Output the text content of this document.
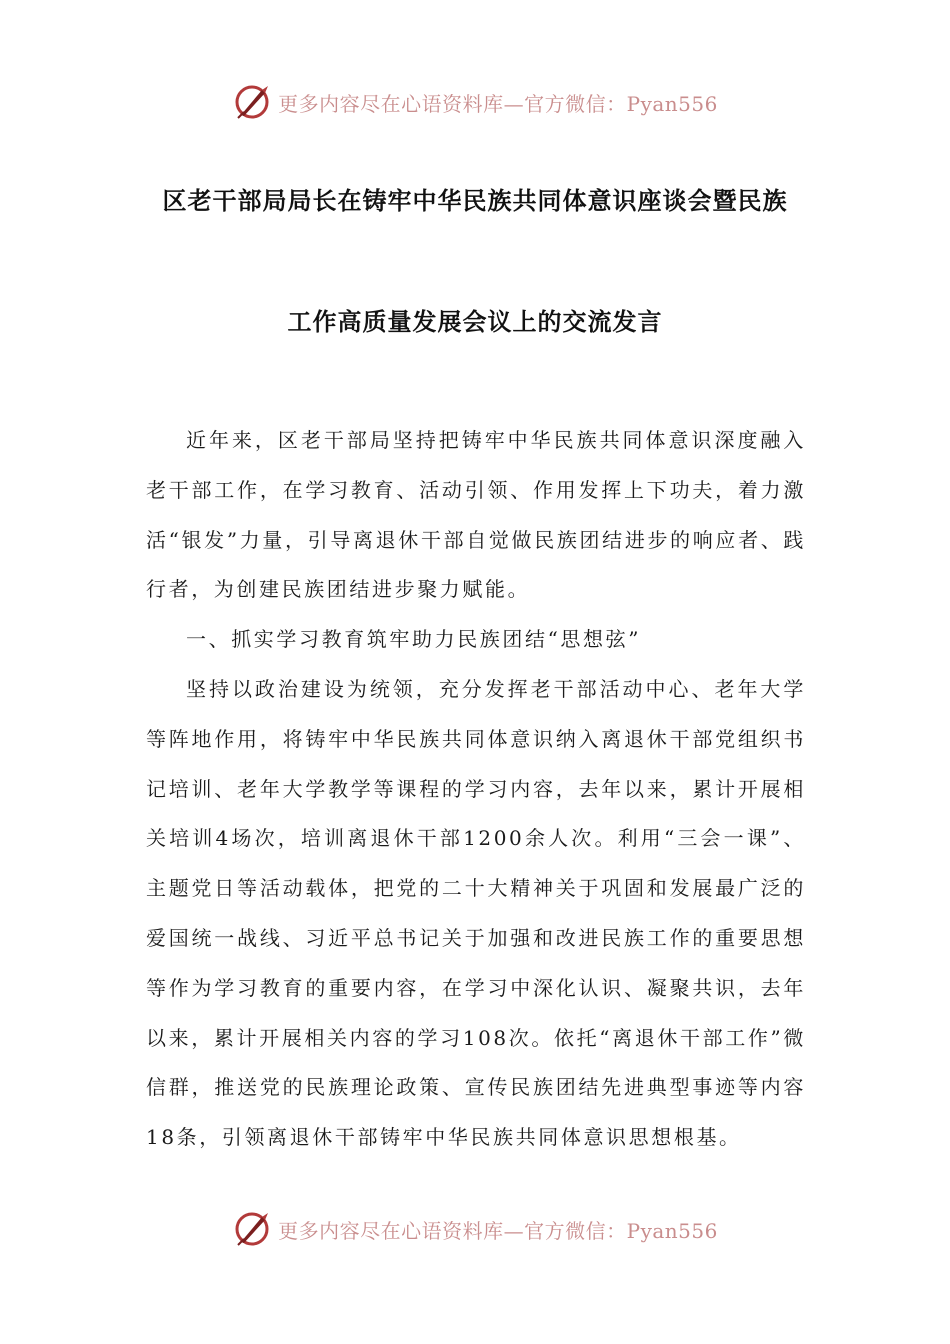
更多内容尽在心语资料库—官方微信：Pyan556
区老干部局局长在铸牢中华民族共同体意识座谈会暨民族
工作高质量发展会议上的交流发言

近年来，区老干部局坚持把铸牢中华民族共同体意识深度融入老干部工作，在学习教育、活动引领、作用发挥上下功夫，着力激活“银发”力量，引导离退休干部自觉做民族团结进步的响应者、践行者，为创建民族团结进步聚力赋能。

一、抓实学习教育筑牢助力民族团结“思想弦”

坚持以政治建设为统领，充分发挥老干部活动中心、老年大学等阵地作用，将铸牢中华民族共同体意识纳入离退休干部党组织书记培训、老年大学教学等课程的学习内容，去年以来，累计开展相关培训4场次，培训离退休干部1200余人次。利用“三会一课”、主题党日等活动载体，把党的二十大精神关于巩固和发展最广泛的爱国统一战线、习近平总书记关于加强和改进民族工作的重要思想等作为学习教育的重要内容，在学习中深化认识、凝聚共识，去年以来，累计开展相关内容的学习108次。依托“离退休干部工作”微信群，推送党的民族理论政策、宣传民族团结先进典型事迹等内容18条，引领离退休干部铸牢中华民族共同体意识思想根基。

更多内容尽在心语资料库—官方微信：Pyan556
